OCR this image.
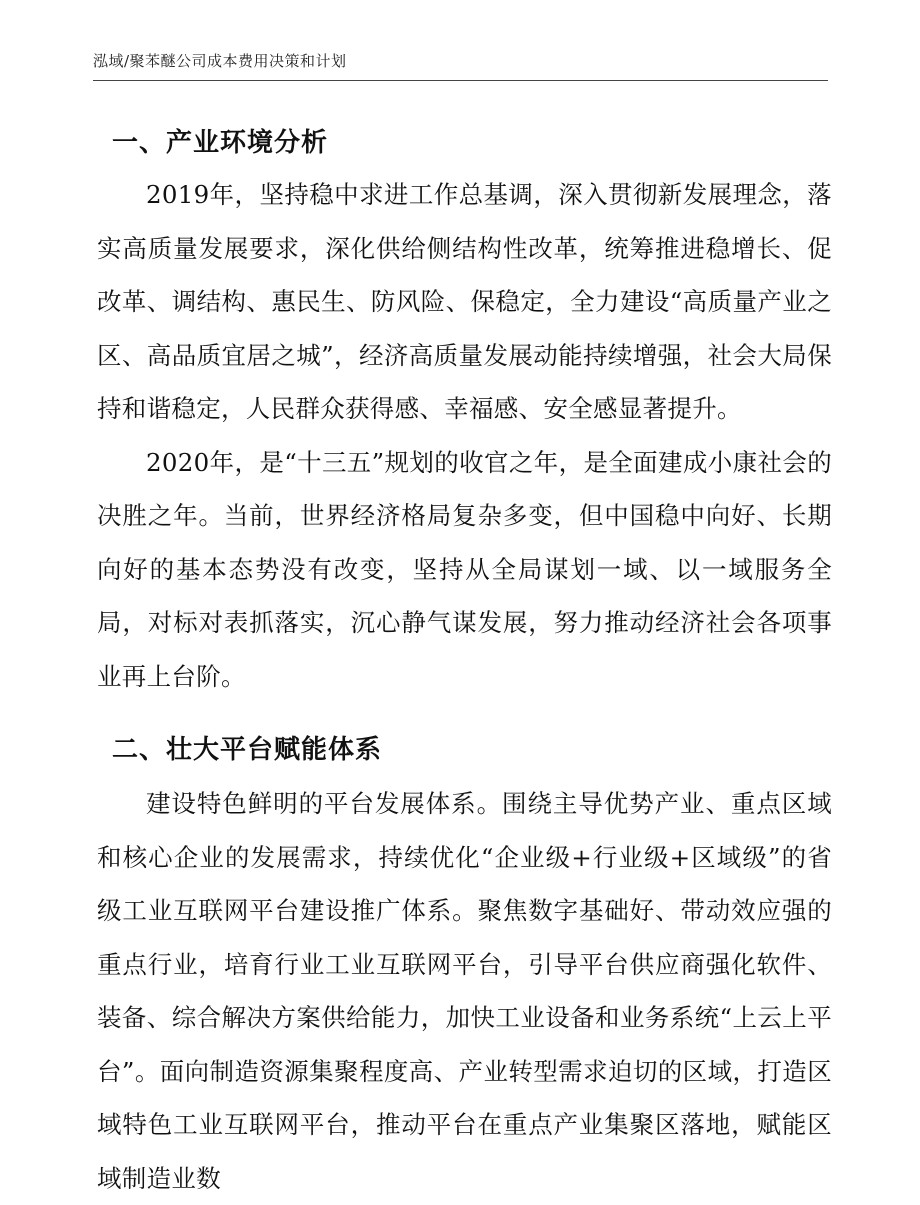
泓域/聚苯醚公司成本费用决策和计划
一、产业环境分析

2019年，坚持稳中求进工作总基调，深入贯彻新发展理念，落实高质量发展要求，深化供给侧结构性改革，统筹推进稳增长、促改革、调结构、惠民生、防风险、保稳定，全力建设“高质量产业之区、高品质宜居之城”，经济高质量发展动能持续增强，社会大局保持和谐稳定，人民群众获得感、幸福感、安全感显著提升。

2020年，是“十三五”规划的收官之年，是全面建成小康社会的决胜之年。当前，世界经济格局复杂多变，但中国稳中向好、长期向好的基本态势没有改变，坚持从全局谋划一域、以一域服务全局，对标对表抓落实，沉心静气谋发展，努力推动经济社会各项事业再上台阶。

二、壮大平台赋能体系

建设特色鲜明的平台发展体系。围绕主导优势产业、重点区域和核心企业的发展需求，持续优化“企业级+行业级+区域级”的省级工业互联网平台建设推广体系。聚焦数字基础好、带动效应强的重点行业，培育行业工业互联网平台，引导平台供应商强化软件、装备、综合解决方案供给能力，加快工业设备和业务系统“上云上平台”。面向制造资源集聚程度高、产业转型需求迫切的区域，打造区域特色工业互联网平台，推动平台在重点产业集聚区落地，赋能区域制造业数
